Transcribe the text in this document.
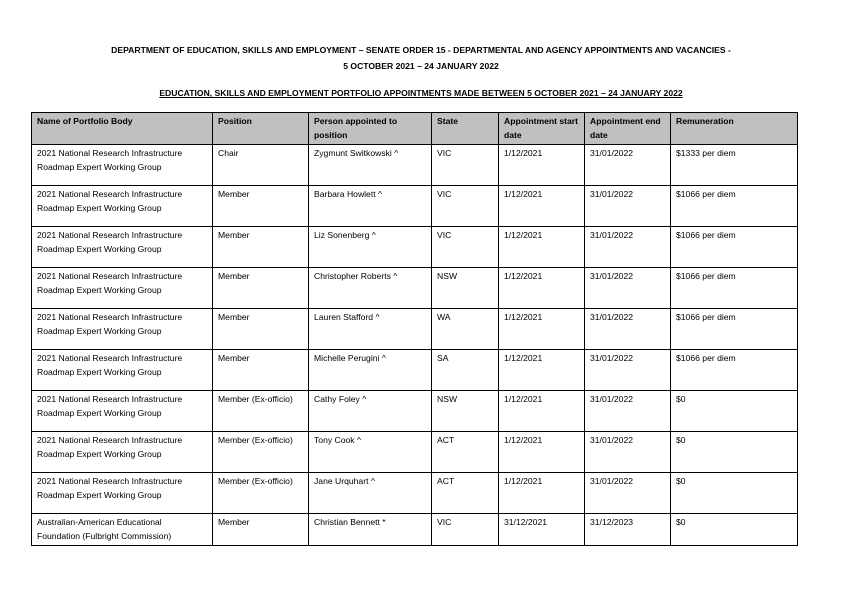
DEPARTMENT OF EDUCATION, SKILLS AND EMPLOYMENT – SENATE ORDER 15 - DEPARTMENTAL AND AGENCY APPOINTMENTS AND VACANCIES -
5 OCTOBER 2021 – 24 JANUARY 2022
EDUCATION, SKILLS AND EMPLOYMENT PORTFOLIO APPOINTMENTS MADE BETWEEN 5 OCTOBER 2021 – 24 JANUARY 2022
Name of Portfolio Body	Position	Person appointed to position	State	Appointment start date	Appointment end date	Remuneration
2021 National Research Infrastructure Roadmap Expert Working Group	Chair	Zygmunt Switkowski ^	VIC	1/12/2021	31/01/2022	$1333 per diem
2021 National Research Infrastructure Roadmap Expert Working Group	Member	Barbara Howlett ^	VIC	1/12/2021	31/01/2022	$1066 per diem
2021 National Research Infrastructure Roadmap Expert Working Group	Member	Liz Sonenberg ^	VIC	1/12/2021	31/01/2022	$1066 per diem
2021 National Research Infrastructure Roadmap Expert Working Group	Member	Christopher Roberts ^	NSW	1/12/2021	31/01/2022	$1066 per diem
2021 National Research Infrastructure Roadmap Expert Working Group	Member	Lauren Stafford ^	WA	1/12/2021	31/01/2022	$1066 per diem
2021 National Research Infrastructure Roadmap Expert Working Group	Member	Michelle Perugini ^	SA	1/12/2021	31/01/2022	$1066 per diem
2021 National Research Infrastructure Roadmap Expert Working Group	Member (Ex-officio)	Cathy Foley ^	NSW	1/12/2021	31/01/2022	$0
2021 National Research Infrastructure Roadmap Expert Working Group	Member (Ex-officio)	Tony Cook ^	ACT	1/12/2021	31/01/2022	$0
2021 National Research Infrastructure Roadmap Expert Working Group	Member (Ex-officio)	Jane Urquhart ^	ACT	1/12/2021	31/01/2022	$0
Australian-American Educational Foundation (Fulbright Commission)	Member	Christian Bennett *	VIC	31/12/2021	31/12/2023	$0
